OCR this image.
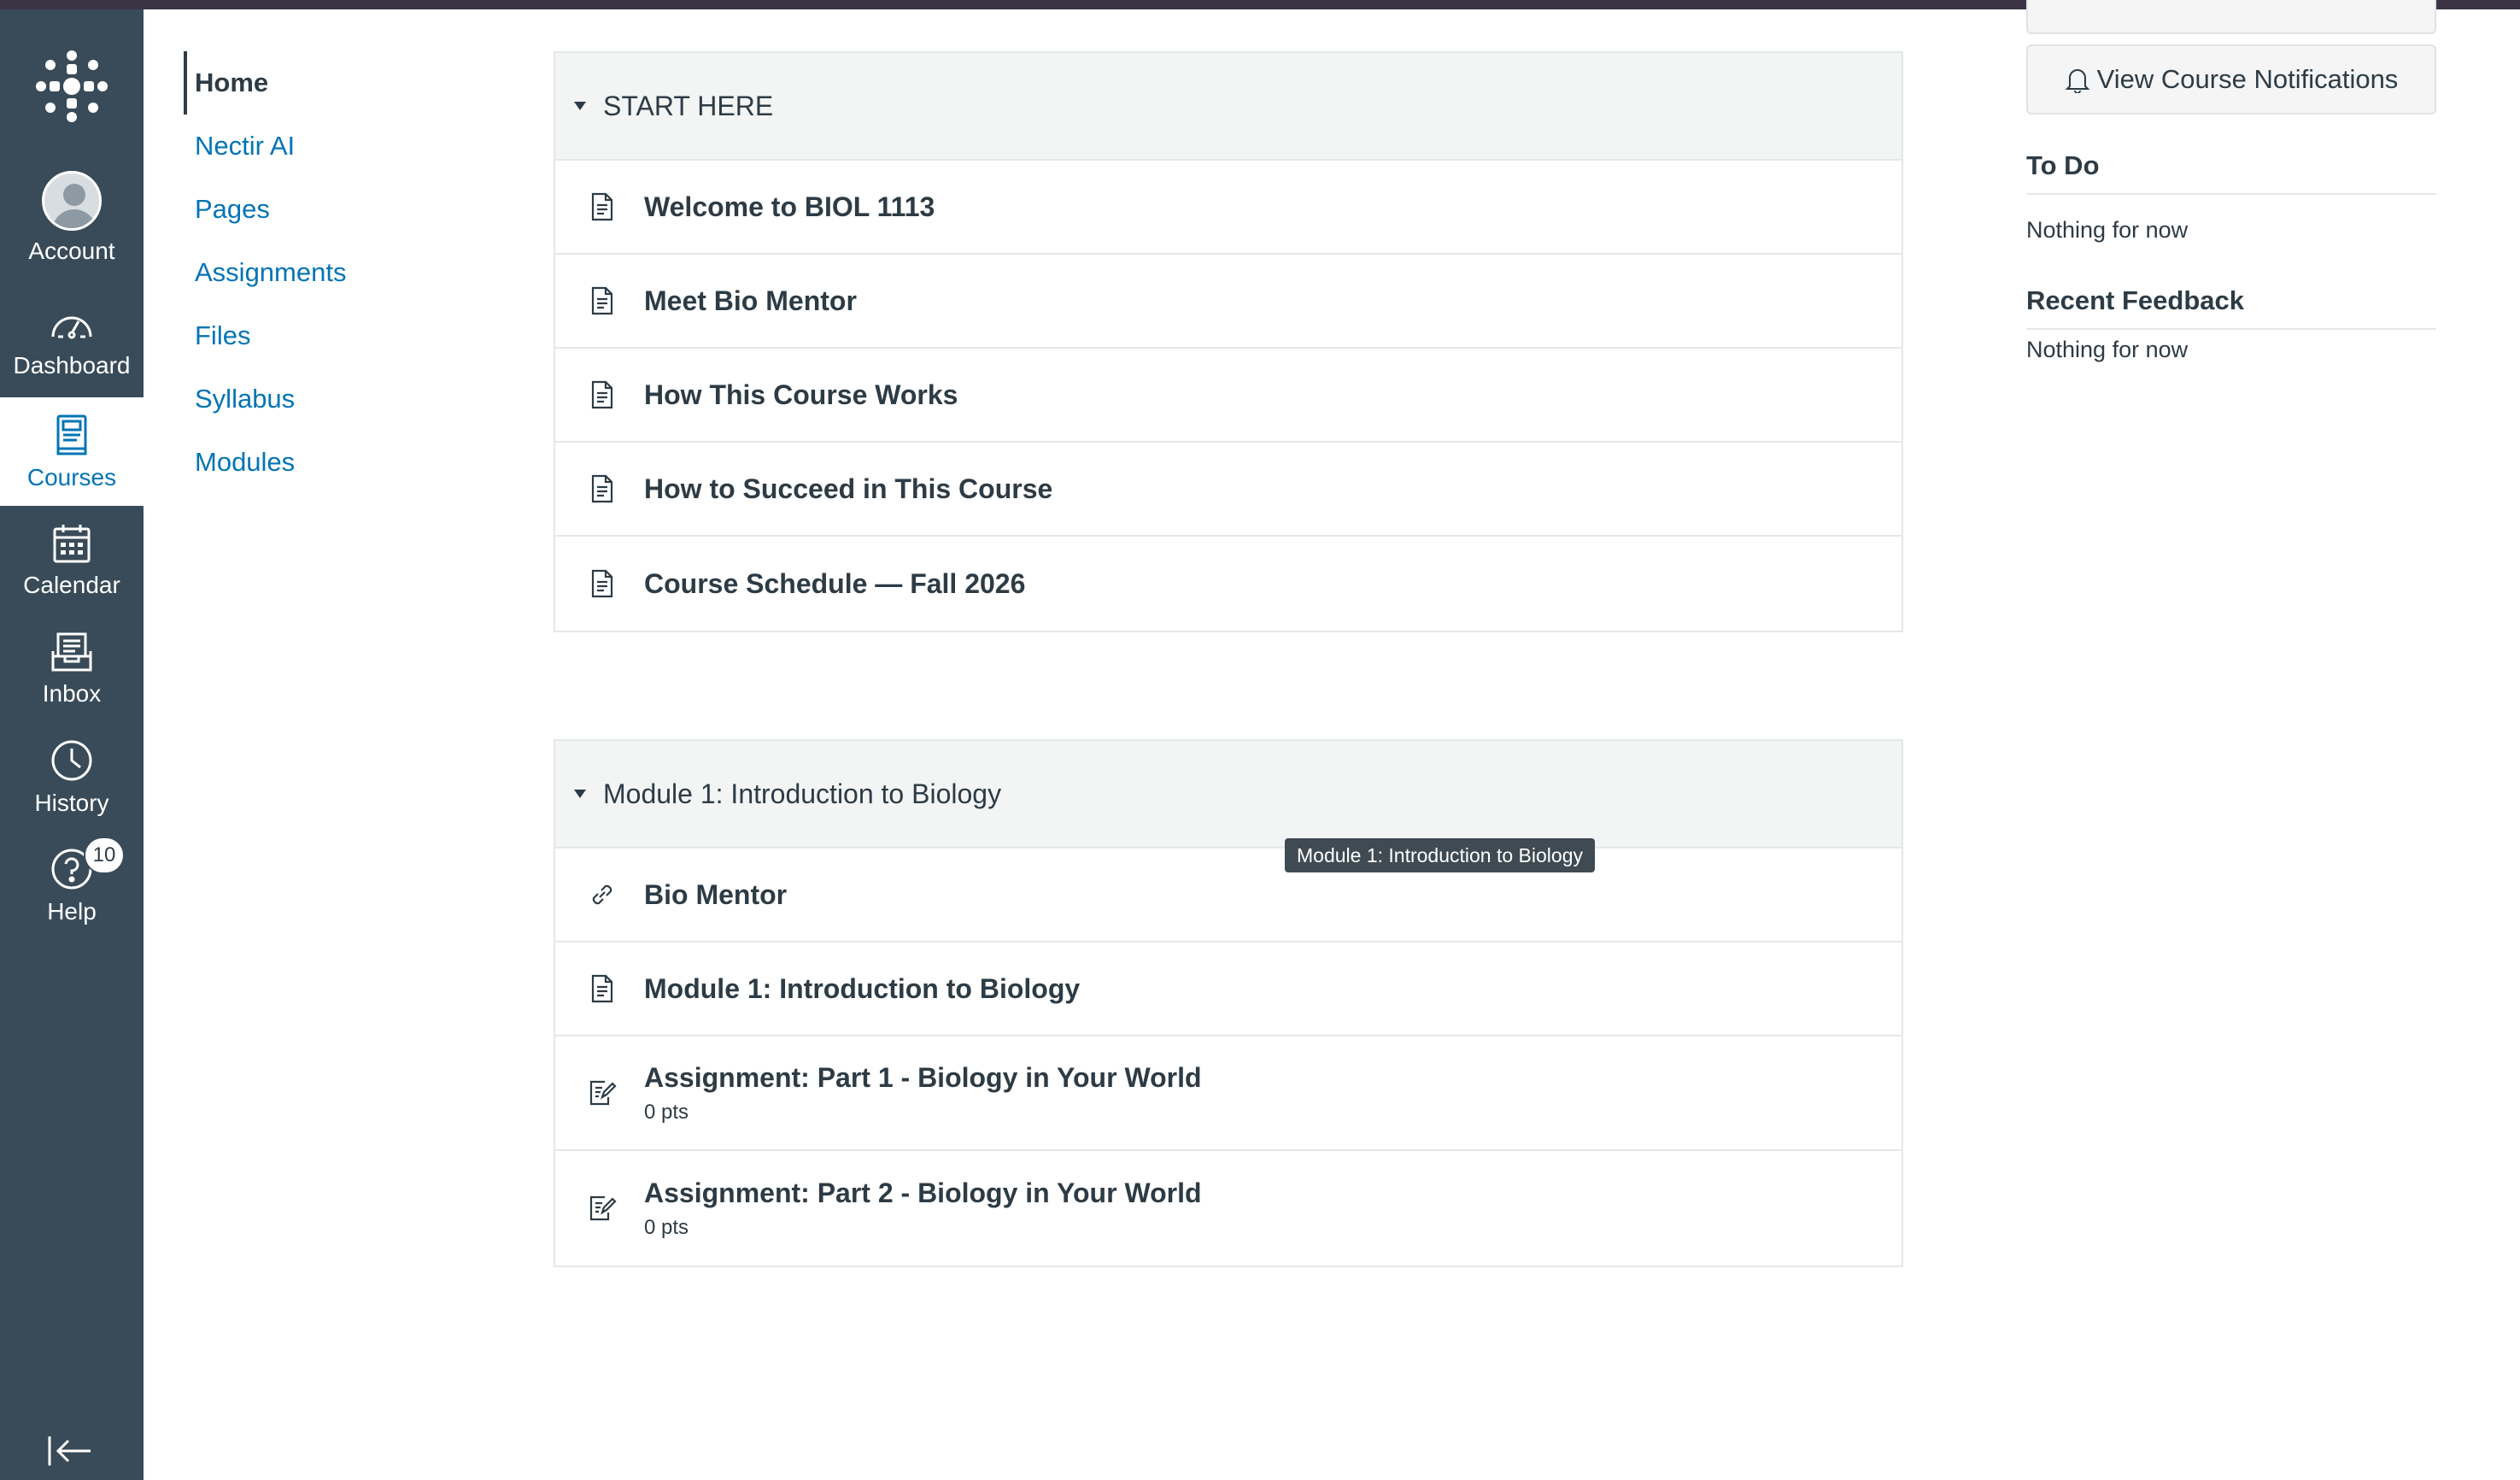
Account
Dashboard
Courses
Calendar
Inbox
History
10
Help
Home
Nectir AI
Pages
Assignments
Files
Syllabus
Modules
START HERE
Welcome to BIOL 1113
Meet Bio Mentor
How This Course Works
How to Succeed in This Course
Course Schedule — Fall 2026
Module 1: Introduction to Biology
Bio Mentor
Module 1: Introduction to Biology
Assignment: Part 1 - Biology in Your World
0 pts
Assignment: Part 2 - Biology in Your World
0 pts
Module 1: Introduction to Biology
View Course Notifications
To Do
Nothing for now
Recent Feedback
Nothing for now
